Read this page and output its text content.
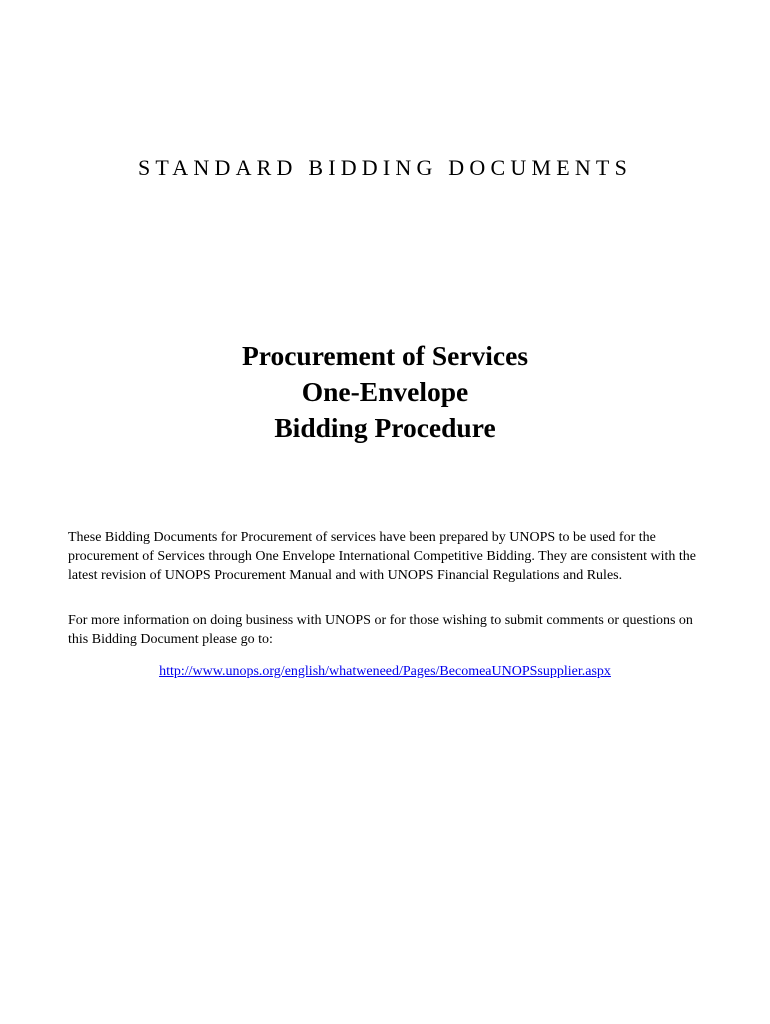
STANDARD BIDDING DOCUMENTS
Procurement of Services
One-Envelope
Bidding Procedure

These Bidding Documents for Procurement of services have been prepared by UNOPS to be used for the procurement of Services through One Envelope International Competitive Bidding. They are consistent with the latest revision of UNOPS Procurement Manual and with UNOPS Financial Regulations and Rules.

For more information on doing business with UNOPS or for those wishing to submit comments or questions on this Bidding Document please go to:

http://www.unops.org/english/whatweneed/Pages/BecomeaUNOPSsupplier.aspx
